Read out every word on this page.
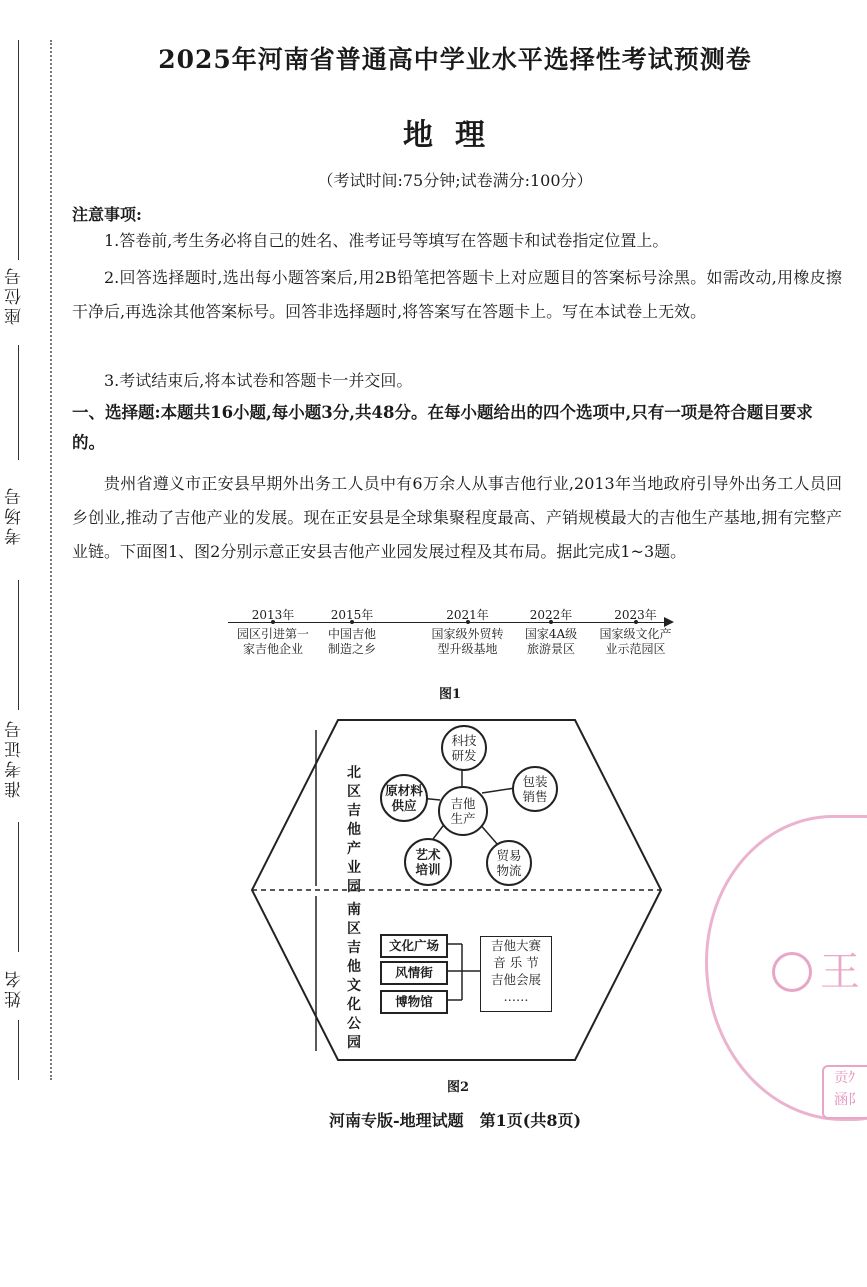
座位号
考场号
准考证号
姓名
2025年河南省普通高中学业水平选择性考试预测卷
地理
（考试时间:75分钟;试卷满分:100分）
注意事项:
1.答卷前,考生务必将自己的姓名、准考证号等填写在答题卡和试卷指定位置上。
2.回答选择题时,选出每小题答案后,用2B铅笔把答题卡上对应题目的答案标号涂黑。如需改动,用橡皮擦干净后,再选涂其他答案标号。回答非选择题时,将答案写在答题卡上。写在本试卷上无效。
3.考试结束后,将本试卷和答题卡一并交回。
一、选择题:本题共16小题,每小题3分,共48分。在每小题给出的四个选项中,只有一项是符合题目要求的。
贵州省遵义市正安县早期外出务工人员中有6万余人从事吉他行业,2013年当地政府引导外出务工人员回乡创业,推动了吉他产业的发展。现在正安县是全球集聚程度最高、产销规模最大的吉他生产基地,拥有完整产业链。下面图1、图2分别示意正安县吉他产业园发展过程及其布局。据此完成1~3题。
2013年
园区引进第一
家吉他企业
2015年
中国吉他
制造之乡
2021年
国家级外贸转
型升级基地
2022年
国家4A级
旅游景区
2023年
国家级文化产
业示范园区
图1
北区吉他产业园
南区吉他文化公园
吉他
生产
科技
研发
包装
销售
贸易
物流
艺术
培训
原材料
供应
文化广场
风情街
博物馆
吉他大赛
音 乐 节
吉他会展
……
图2
河南专版-地理试题　第1页(共8页)
王
贡ｸ
涵阝
